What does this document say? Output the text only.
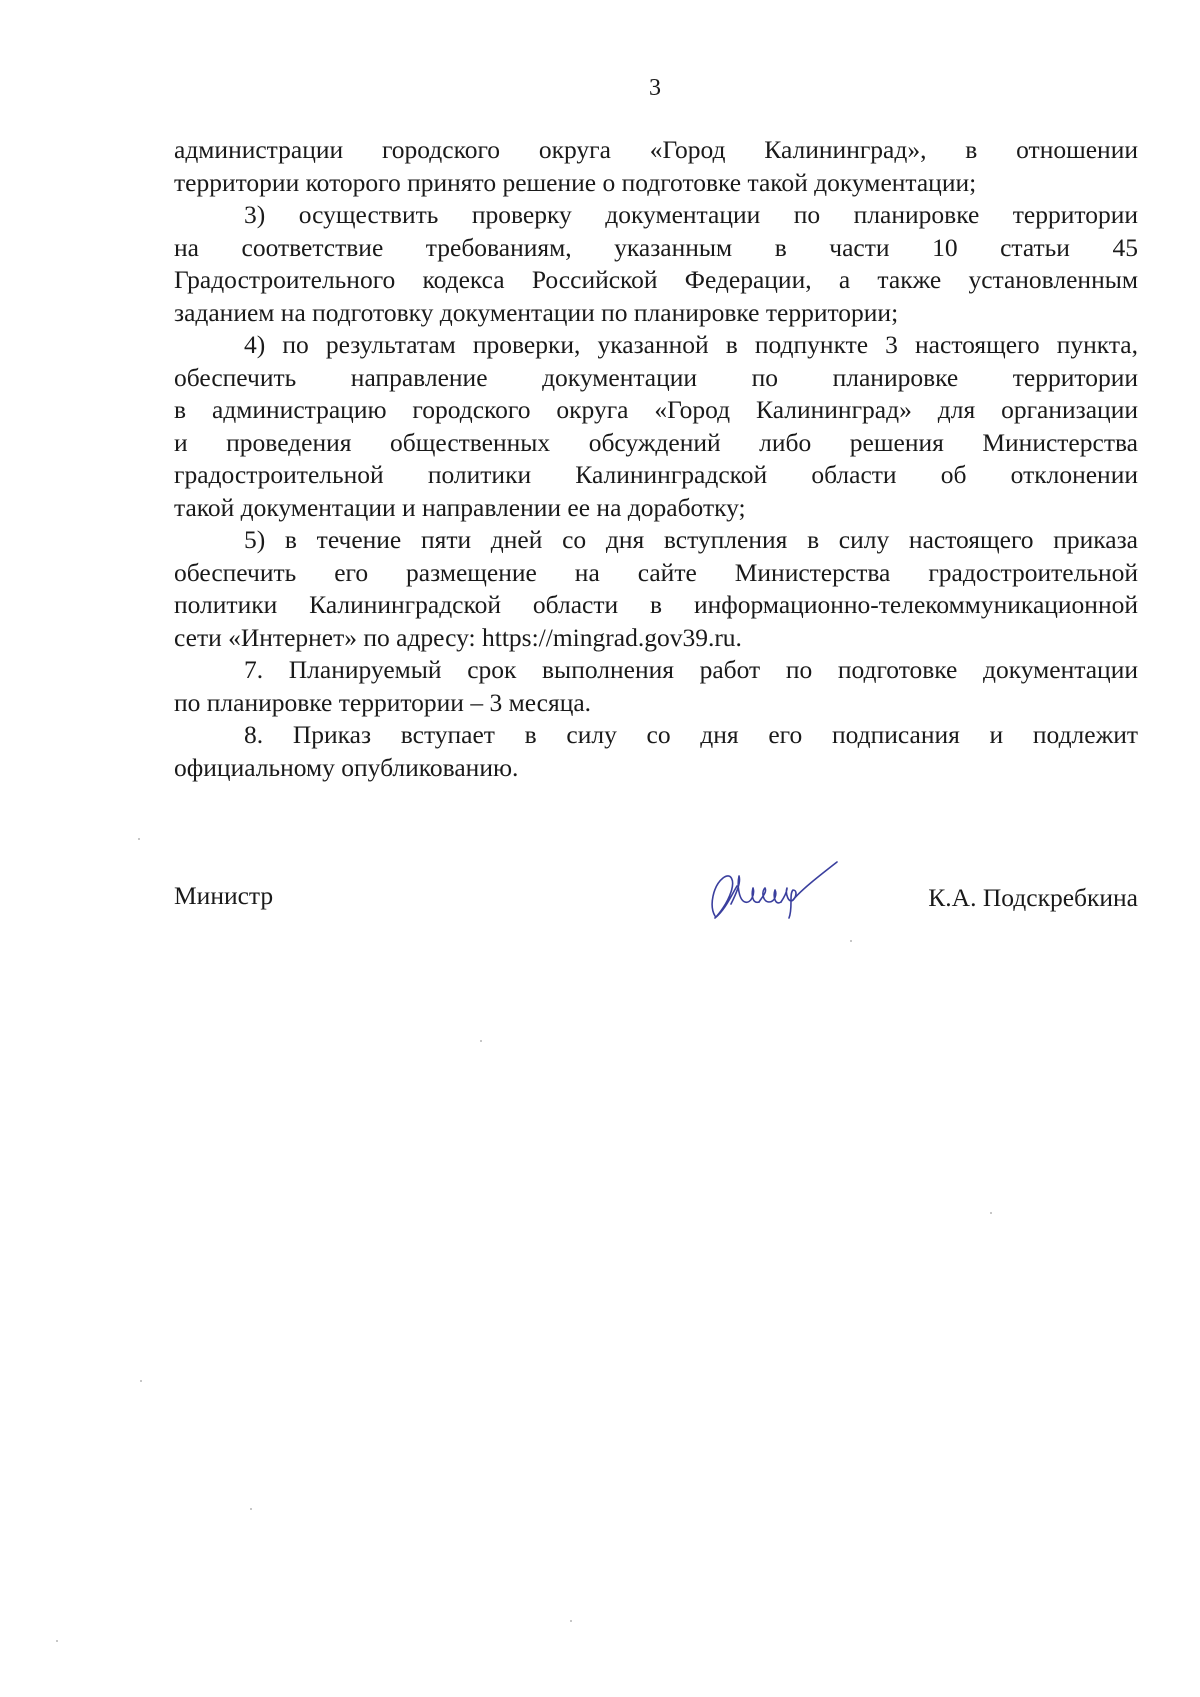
3
администрации городского округа «Город Калининград», в отношении
территории которого принято решение о подготовке такой документации;
3) осуществить проверку документации по планировке территории
на соответствие требованиям, указанным в части 10 статьи 45
Градостроительного кодекса Российской Федерации, а также установленным
заданием на подготовку документации по планировке территории;
4) по результатам проверки, указанной в подпункте 3 настоящего пункта,
обеспечить направление документации по планировке территории
в администрацию городского округа «Город Калининград» для организации
и проведения общественных обсуждений либо решения Министерства
градостроительной политики Калининградской области об отклонении
такой документации и направлении ее на доработку;
5) в течение пяти дней со дня вступления в силу настоящего приказа
обеспечить его размещение на сайте Министерства градостроительной
политики Калининградской области в информационно-телекоммуникационной
сети «Интернет» по адресу: https://mingrad.gov39.ru.
7. Планируемый срок выполнения работ по подготовке документации
по планировке территории – 3 месяца.
8. Приказ вступает в силу со дня его подписания и подлежит
официальному опубликованию.
Министр	К.А. Подскребкина
